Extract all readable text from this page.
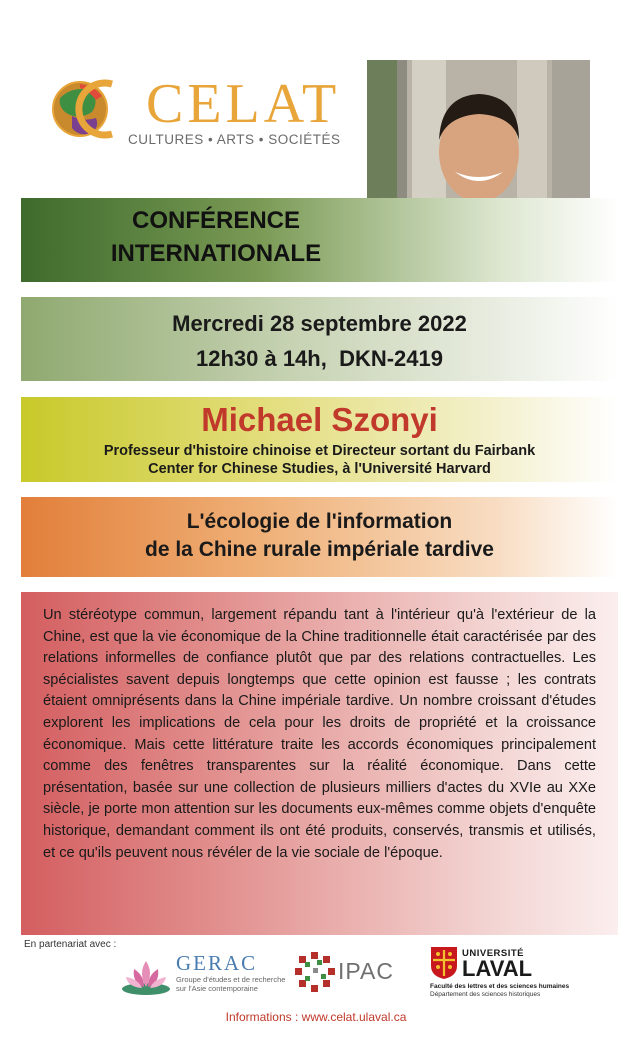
CELAT
CULTURES • ARTS • SOCIÉTÉS
CONFÉRENCE
INTERNATIONALE
Mercredi 28 septembre 2022
12h30 à 14h,  DKN-2419
Michael Szonyi
Professeur d'histoire chinoise et Directeur sortant du Fairbank
Center for Chinese Studies, à l'Université Harvard
L'écologie de l'information
de la Chine rurale impériale tardive

Un stéréotype commun, largement répandu tant à l'intérieur qu'à l'extérieur de la Chine, est que la vie économique de la Chine traditionnelle était caractérisée par des relations informelles de confiance plutôt que par des relations contractuelles. Les spécialistes savent depuis longtemps que cette opinion est fausse ; les contrats étaient omniprésents dans la Chine impériale tardive. Un nombre croissant d'études explorent les implications de cela pour les droits de propriété et la croissance économique. Mais cette littérature traite les accords économiques principalement comme des fenêtres transparentes sur la réalité économique. Dans cette présentation, basée sur une collection de plusieurs milliers d'actes du XVIe au XXe siècle, je porte mon attention sur les documents eux-mêmes comme objets d'enquête historique, demandant comment ils ont été produits, conservés, transmis et utilisés, et ce qu'ils peuvent nous révéler de la vie sociale de l'époque.

En partenariat avec :
GERAC
Groupe d'études et de recherche sur l'Asie contemporaine
IPAC
UNIVERSITÉ
LAVAL
Faculté des lettres et des sciences humaines
Département des sciences historiques
Informations : www.celat.ulaval.ca
